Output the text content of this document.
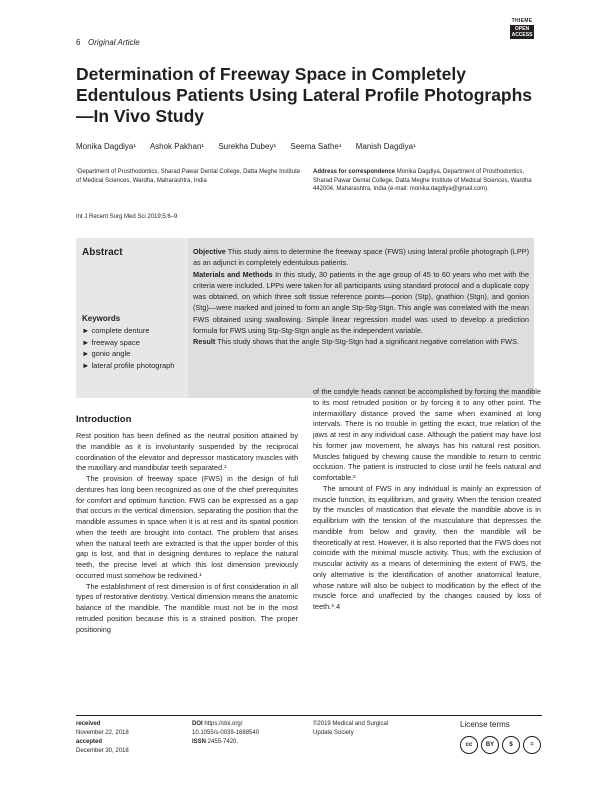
6 Original Article
THIEME
OPEN
ACCESS
Determination of Freeway Space in Completely Edentulous Patients Using Lateral Profile Photographs—In Vivo Study
Monika Dagdiya¹ Ashok Pakhan¹ Surekha Dubey¹ Seema Sathe¹ Manish Dagdiya¹
¹Department of Prosthodontics, Sharad Pawar Dental College, Datta Meghe Institute of Medical Sciences, Wardha, Maharashtra, India
Address for correspondence Monika Dagdiya, Department of Prosthodontics, Sharad Pawar Dental College, Datta Meghe Institute of Medical Sciences, Wardha 442004, Maharashtra, India (e-mail: monika.dagdiya@gmail.com).
Int J Recent Surg Med Sci 2019;5:6–9
Abstract
Keywords
► complete denture
► freeway space
► gonio angle
► lateral profile photograph

Objective This study aims to determine the freeway space (FWS) using lateral profile photograph (LPP) as an adjunct in completely edentulous patients.

Materials and Methods In this study, 30 patients in the age group of 45 to 60 years who met with the criteria were included. LPPs were taken for all participants using standard protocol and a duplicate copy was obtained, on which three soft tissue reference points—porion (Stp), gnathion (Stgn), and gonion (Stg)—were marked and joined to form an angle Stp-Stg-Stgn. This angle was correlated with the mean FWS obtained using swallowing. Simple linear regression model was used to develop a prediction formula for FWS using Stp-Stg-Stgn angle as the independent variable.

Result This study shows that the angle Stp-Stg-Stgn had a significant negative correlation with FWS.

Introduction

Rest position has been defined as the neutral position attained by the mandible as it is involuntarily suspended by the reciprocal coordination of the elevator and depressor masticatory muscles with the maxillary and mandibular teeth separated.¹

The provision of freeway space (FWS) in the design of full dentures has long been recognized as one of the chief prerequisites for comfort and optimum function. FWS can be expressed as a gap that occurs in the vertical dimension, separating the position that the mandible assumes in space when it is at rest and its spatial position when the teeth are brought into contact. The problem that arises when the natural teeth are extracted is that the upper border of this gap is lost, and that in designing dentures to replace the natural teeth, the precise level at which this lost dimension previously occurred must somehow be redivined.¹

The establishment of rest dimension is of first consideration in all types of restorative dentistry. Vertical dimension means the anatomic balance of the mandible. The mandible must not be in the most retruded position because this is a strained position. The proper positioning

of the condyle heads cannot be accomplished by forcing the mandible to its most retruded position or by forcing it to any other point. The intermaxillary distance proved the same when examined at long intervals. There is no trouble in getting the exact, true relation of the jaws at rest in any individual case. Although the patient may have lost his former jaw movement, he always has his natural rest position. Muscles fatigued by chewing cause the mandible to return to centric occlusion. The patient is instructed to close until he feels natural and comfortable.²

The amount of FWS in any individual is mainly an expression of muscle function, its equilibrium, and gravity. When the tension created by the muscles of mastication that elevate the mandible above is in equilibrium with the tension of the musculature that depresses the mandible from below and gravity, then the mandible will be theoretically at rest. However, it is also reported that the FWS does not coincide with the minimal muscle activity. Thus, with the exclusion of muscular activity as a means of determining the extent of FWS, the only alternative is the identification of another anatomical feature, whose nature will also be subject to modification by the effect of the muscle force and unaffected by the changes caused by loss of teeth.³˒4

received
November 22, 2018
accepted
December 30, 2018
DOI https://doi.org/
10.1055/s-0039-1688540
ISSN 2455-7420.
©2019 Medical and Surgical
Update Society
License terms
cc	BY	$	=
